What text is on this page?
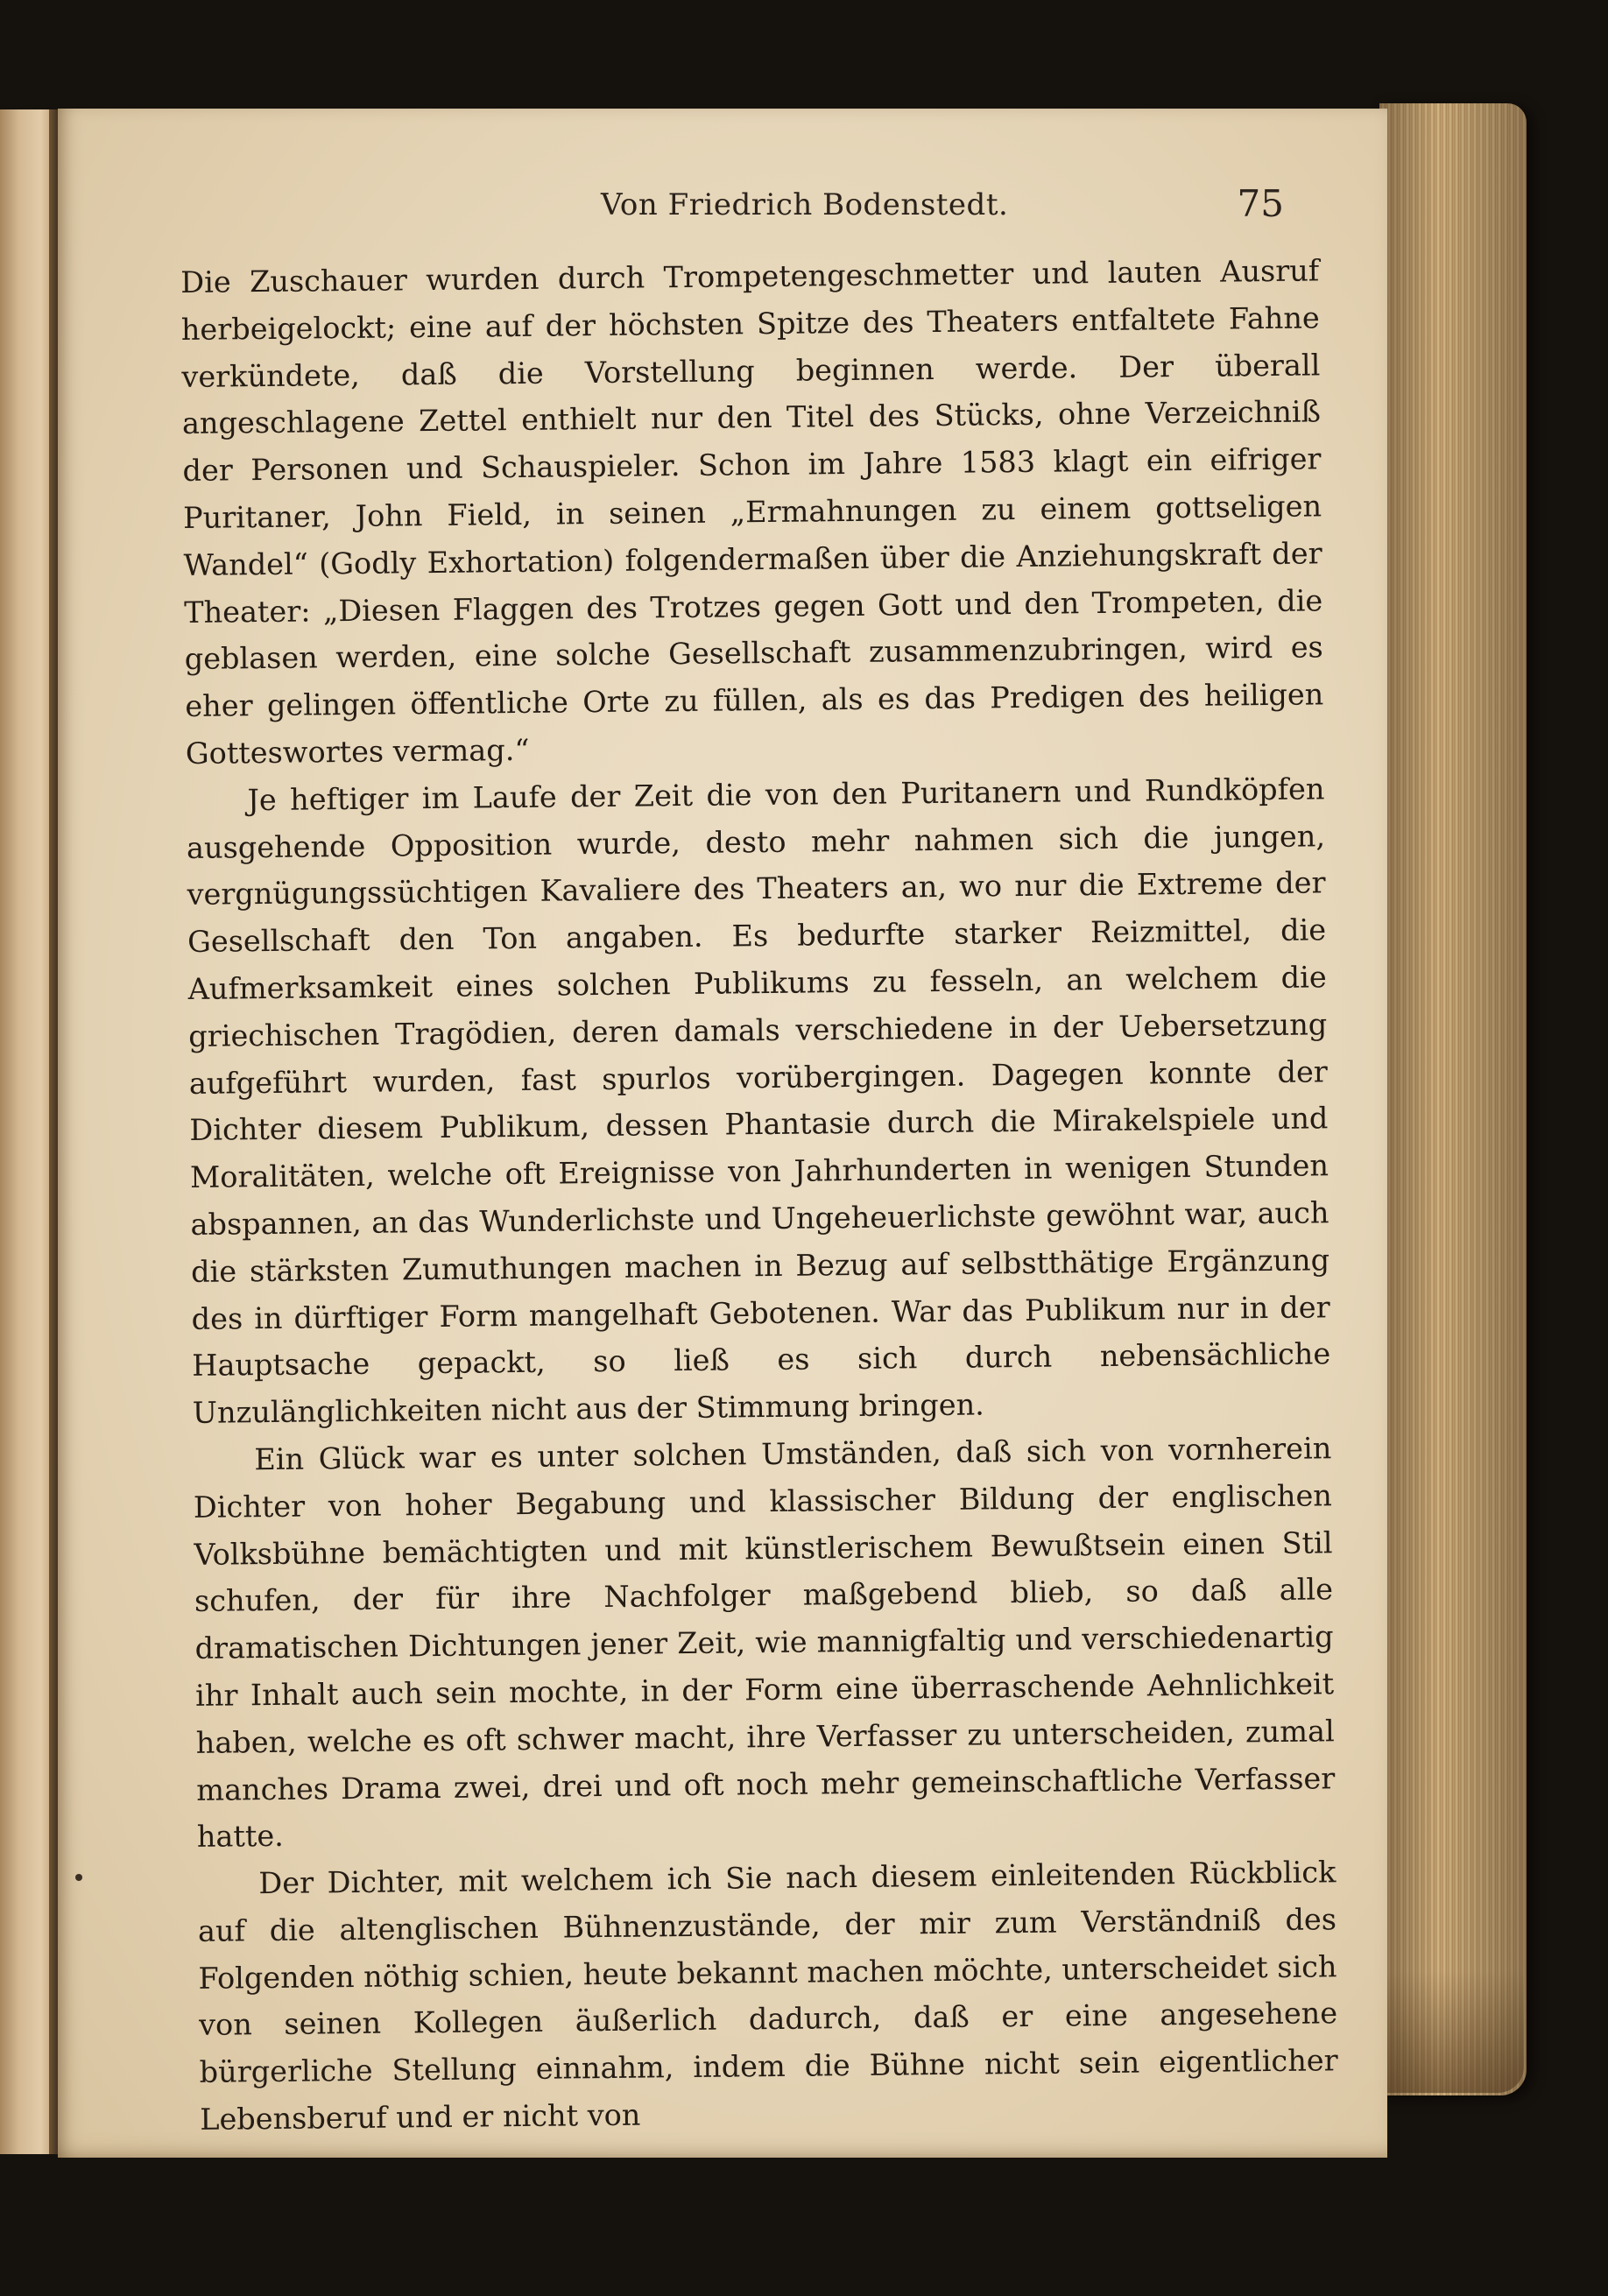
Von Friedrich Bodenstedt.	75

Die Zuschauer wurden durch Trompetengeschmetter und lauten Ausruf herbeigelockt; eine auf der höchsten Spitze des Theaters entfaltete Fahne verkündete, daß die Vorstellung beginnen werde. Der überall angeschlagene Zettel enthielt nur den Titel des Stücks, ohne Verzeichniß der Personen und Schauspieler. Schon im Jahre 1583 klagt ein eifriger Puritaner, John Field, in seinen „Ermahnungen zu einem gottseligen Wandel“ (Godly Exhortation) folgendermaßen über die Anziehungskraft der Theater: „Diesen Flaggen des Trotzes gegen Gott und den Trompeten, die geblasen werden, eine solche Gesellschaft zusammenzubringen, wird es eher gelingen öffentliche Orte zu füllen, als es das Predigen des heiligen Gotteswortes vermag.“

Je heftiger im Laufe der Zeit die von den Puritanern und Rundköpfen ausgehende Opposition wurde, desto mehr nahmen sich die jungen, vergnügungssüchtigen Kavaliere des Theaters an, wo nur die Extreme der Gesellschaft den Ton angaben. Es bedurfte starker Reizmittel, die Aufmerksamkeit eines solchen Publikums zu fesseln, an welchem die griechischen Tragödien, deren damals verschiedene in der Uebersetzung aufgeführt wurden, fast spurlos vorübergingen. Dagegen konnte der Dichter diesem Publikum, dessen Phantasie durch die Mirakelspiele und Moralitäten, welche oft Ereignisse von Jahrhunderten in wenigen Stunden abspannen, an das Wunderlichste und Ungeheuerlichste gewöhnt war, auch die stärksten Zumuthungen machen in Bezug auf selbstthätige Ergänzung des in dürftiger Form mangelhaft Gebotenen. War das Publikum nur in der Hauptsache gepackt, so ließ es sich durch nebensächliche Unzulänglichkeiten nicht aus der Stimmung bringen.

Ein Glück war es unter solchen Umständen, daß sich von vornherein Dichter von hoher Begabung und klassischer Bildung der englischen Volksbühne bemächtigten und mit künstlerischem Bewußtsein einen Stil schufen, der für ihre Nachfolger maßgebend blieb, so daß alle dramatischen Dichtungen jener Zeit, wie mannigfaltig und verschiedenartig ihr Inhalt auch sein mochte, in der Form eine überraschende Aehnlichkeit haben, welche es oft schwer macht, ihre Verfasser zu unterscheiden, zumal manches Drama zwei, drei und oft noch mehr gemeinschaftliche Verfasser hatte.

Der Dichter, mit welchem ich Sie nach diesem einleitenden Rückblick auf die altenglischen Bühnenzustände, der mir zum Verständniß des Folgenden nöthig schien, heute bekannt machen möchte, unterscheidet sich von seinen Kollegen äußerlich dadurch, daß er eine angesehene bürgerliche Stellung einnahm, indem die Bühne nicht sein eigentlicher Lebensberuf und er nicht von
